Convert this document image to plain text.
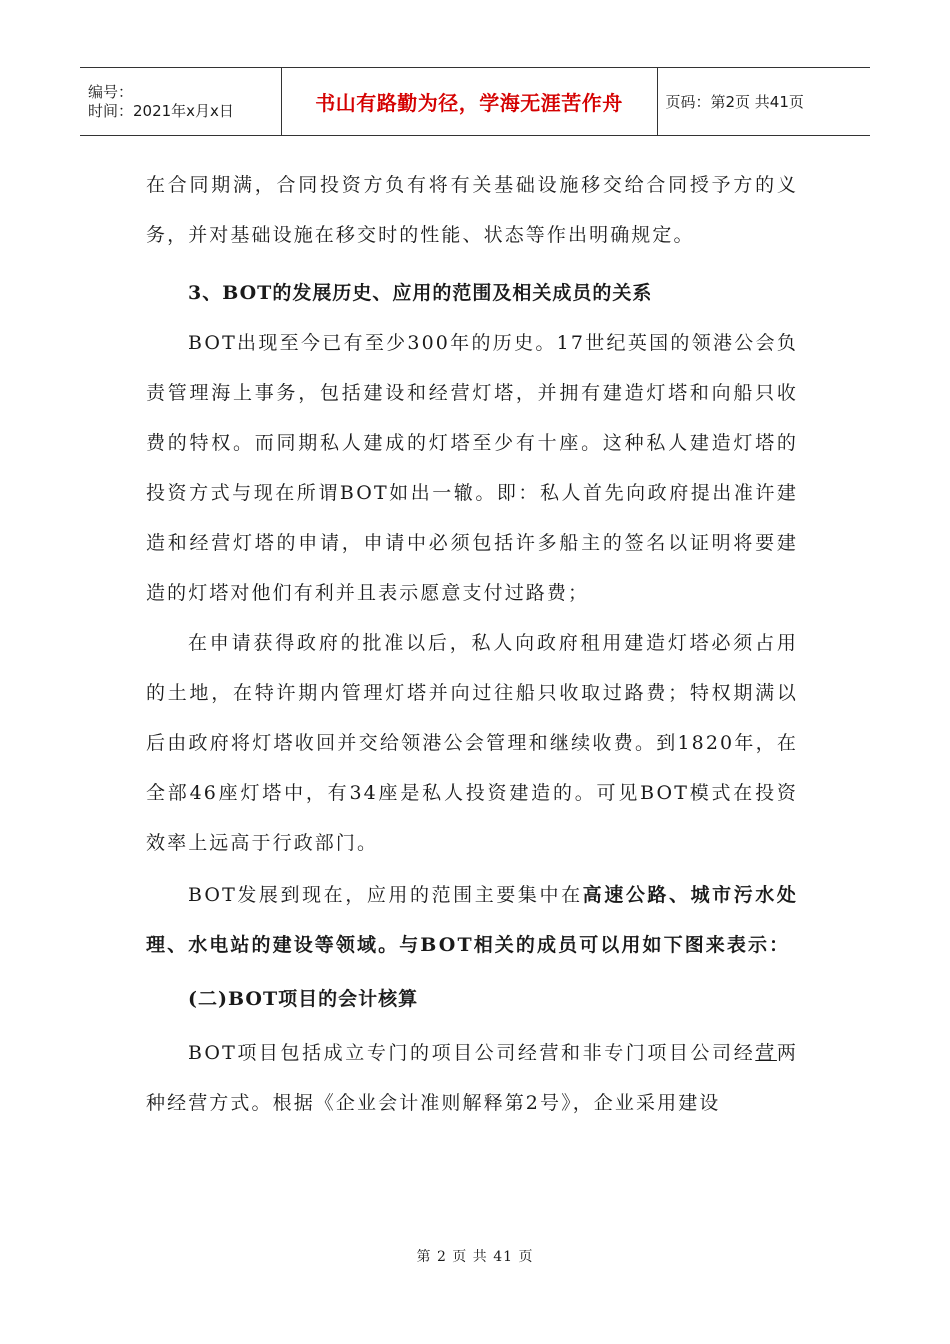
编号：
时间：2021年x月x日	书山有路勤为径，学海无涯苦作舟	页码：第2页 共41页

在合同期满，合同投资方负有将有关基础设施移交给合同授予方的义务，并对基础设施在移交时的性能、状态等作出明确规定。

3、BOT的发展历史、应用的范围及相关成员的关系

BOT出现至今已有至少300年的历史。17世纪英国的领港公会负责管理海上事务，包括建设和经营灯塔，并拥有建造灯塔和向船只收费的特权。而同期私人建成的灯塔至少有十座。这种私人建造灯塔的投资方式与现在所谓BOT如出一辙。即：私人首先向政府提出准许建造和经营灯塔的申请，申请中必须包括许多船主的签名以证明将要建造的灯塔对他们有利并且表示愿意支付过路费；

在申请获得政府的批准以后，私人向政府租用建造灯塔必须占用的土地，在特许期内管理灯塔并向过往船只收取过路费；特权期满以后由政府将灯塔收回并交给领港公会管理和继续收费。到1820年，在全部46座灯塔中，有34座是私人投资建造的。可见BOT模式在投资效率上远高于行政部门。

BOT发展到现在，应用的范围主要集中在高速公路、城市污水处理、水电站的建设等领域。与BOT相关的成员可以用如下图来表示：

(二)BOT项目的会计核算

BOT项目包括成立专门的项目公司经营和非专门项目公司经营两种经营方式。根据《企业会计准则解释第2号》，企业采用建设

第 2 页 共 41 页
